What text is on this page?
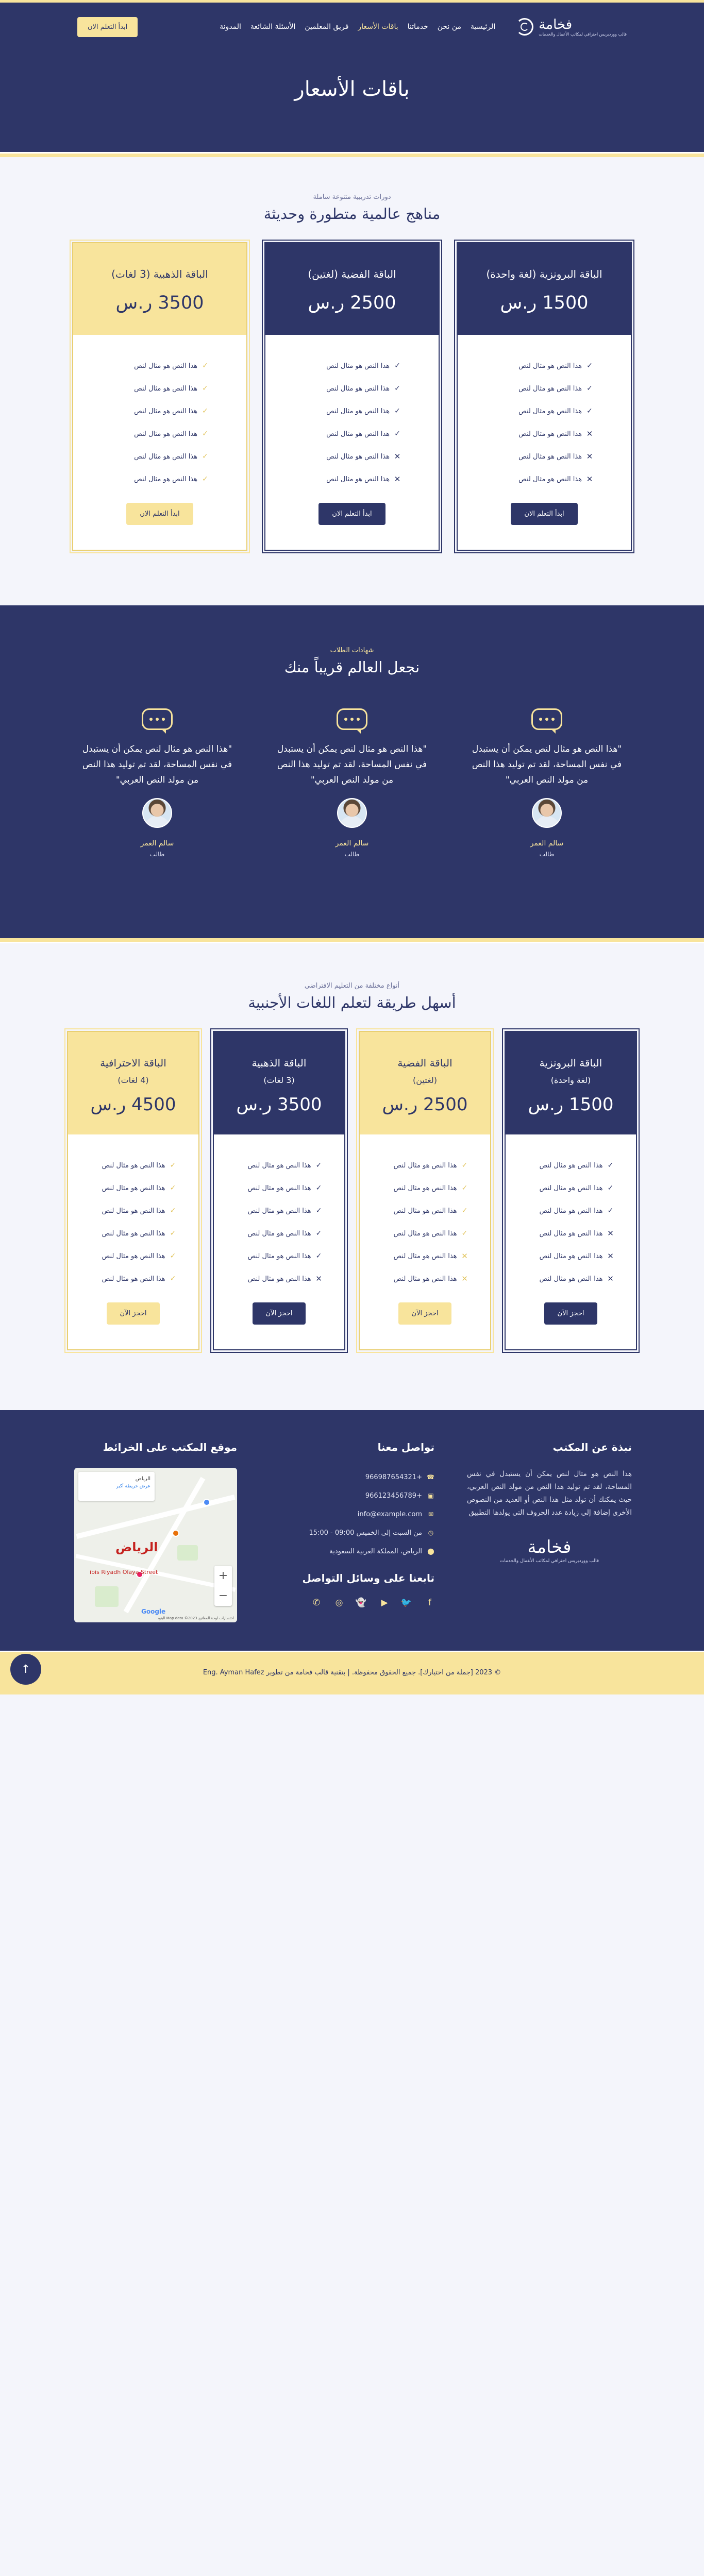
فخامة
قالب ووردبريس احترافي لمكاتب الأعمال والخدمات
الرئيسية
من نحن
خدماتنا
باقات الأسعار
فريق المعلمين
الأسئلة الشائعة
المدونة
ابدأ التعلم الان
باقات الأسعار
دورات تدريبية متنوعة شاملة
مناهج عالمية متطورة وحديثة
الباقة البرونزية (لغة واحدة)
1500 ر.س
✓
هذا النص هو مثال لنص
✓
هذا النص هو مثال لنص
✓
هذا النص هو مثال لنص
✕
هذا النص هو مثال لنص
✕
هذا النص هو مثال لنص
✕
هذا النص هو مثال لنص
ابدأ التعلم الان
الباقة الفضية (لغتين)
2500 ر.س
✓
هذا النص هو مثال لنص
✓
هذا النص هو مثال لنص
✓
هذا النص هو مثال لنص
✓
هذا النص هو مثال لنص
✕
هذا النص هو مثال لنص
✕
هذا النص هو مثال لنص
ابدأ التعلم الان
الباقة الذهبية (3 لغات)
3500 ر.س
✓
هذا النص هو مثال لنص
✓
هذا النص هو مثال لنص
✓
هذا النص هو مثال لنص
✓
هذا النص هو مثال لنص
✓
هذا النص هو مثال لنص
✓
هذا النص هو مثال لنص
ابدأ التعلم الان
شهادات الطلاب
نجعل العالم قريباً منك

"هذا النص هو مثال لنص يمكن أن يستبدل في نفس المساحة، لقد تم توليد هذا النص من مولد النص العربي"

سالم العمر
طالب

"هذا النص هو مثال لنص يمكن أن يستبدل في نفس المساحة، لقد تم توليد هذا النص من مولد النص العربي"

سالم العمر
طالب

"هذا النص هو مثال لنص يمكن أن يستبدل في نفس المساحة، لقد تم توليد هذا النص من مولد النص العربي"

سالم العمر
طالب
أنواع مختلفة من التعليم الافتراضي
أسهل طريقة لتعلم اللغات الأجنبية
الباقة البرونزية
(لغة واحدة)
1500 ر.س
✓
هذا النص هو مثال لنص
✓
هذا النص هو مثال لنص
✓
هذا النص هو مثال لنص
✕
هذا النص هو مثال لنص
✕
هذا النص هو مثال لنص
✕
هذا النص هو مثال لنص
احجز الآن
الباقة الفضية
(لغتين)
2500 ر.س
✓
هذا النص هو مثال لنص
✓
هذا النص هو مثال لنص
✓
هذا النص هو مثال لنص
✓
هذا النص هو مثال لنص
✕
هذا النص هو مثال لنص
✕
هذا النص هو مثال لنص
احجز الآن
الباقة الذهبية
(3 لغات)
3500 ر.س
✓
هذا النص هو مثال لنص
✓
هذا النص هو مثال لنص
✓
هذا النص هو مثال لنص
✓
هذا النص هو مثال لنص
✓
هذا النص هو مثال لنص
✕
هذا النص هو مثال لنص
احجز الآن
الباقة الاحترافية
(4 لغات)
4500 ر.س
✓
هذا النص هو مثال لنص
✓
هذا النص هو مثال لنص
✓
هذا النص هو مثال لنص
✓
هذا النص هو مثال لنص
✓
هذا النص هو مثال لنص
✓
هذا النص هو مثال لنص
احجز الآن
نبذة عن المكتب

هذا النص هو مثال لنص يمكن أن يستبدل في نفس المساحة، لقد تم توليد هذا النص من مولد النص العربي، حيث يمكنك أن تولد مثل هذا النص أو العديد من النصوص الأخرى إضافة إلى زيادة عدد الحروف التى يولدها التطبيق

فخامة
قالب ووردبريس احترافي لمكاتب الأعمال والخدمات
تواصل معنا
☎
+966987654321
▣
+966123456789
✉
info@example.com
◷
من السبت إلى الخميس 09:00 - 15:00
⬤
الرياض، المملكة العربية السعودية
تابعنا على وسائل التواصل
f
🐦
▶
👻
◎
✆
موقع المكتب على الخرائط
الرياض
عرض خريطة أكبر
الرياض
ibis Riyadh Olaya Street	+
−
Google
اختصارات لوحة المفاتيح Map data ©2023 البنود
© 2023 [جملة من اختيارك]. جميع الحقوق محفوظة. | بتقنية قالب فخامة من تطوير Eng. Ayman Hafez
↑
